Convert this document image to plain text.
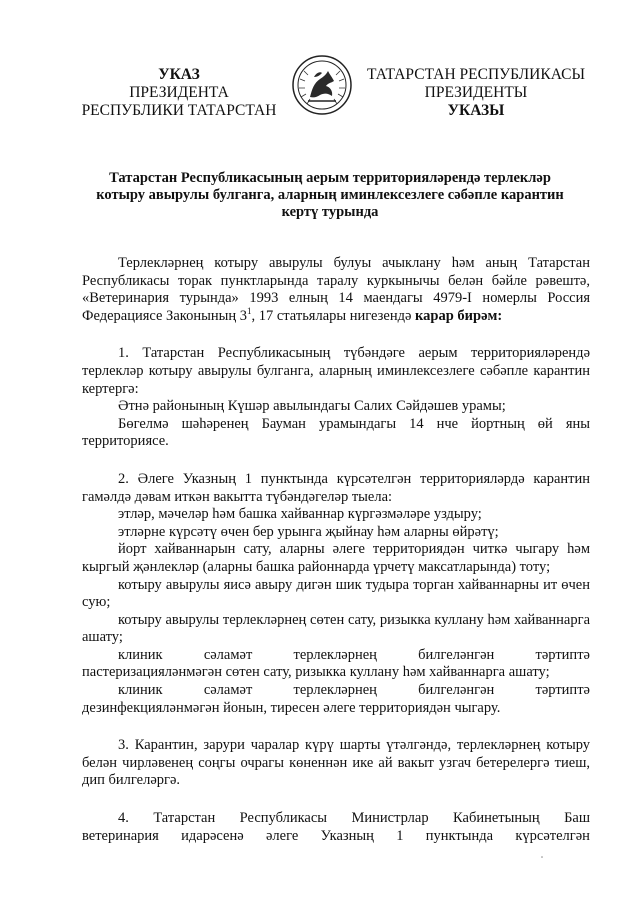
УКАЗ
ПРЕЗИДЕНТА
РЕСПУБЛИКИ ТАТАРСТАН
ТАТАРСТАН РЕСПУБЛИКАСЫ
ПРЕЗИДЕНТЫ
УКАЗЫ
Татарстан Республикасының аерым территорияләрендә терлекләр
котыру авырулы булганга, аларның иминлексезлеге сәбәпле карантин
кертү турында

Терлекләрнең котыру авырулы булуы ачыклану һәм аның Татарстан Республикасы торак пунктларында таралу куркынычы белән бәйле рәвештә, «Ветеринария турында» 1993 елның 14 маендагы 4979-I номерлы Россия Федерациясе Законының $3^1$, 17 статьялары нигезендә карар бирәм:

1. Татарстан Республикасының түбәндәге аерым территорияләрендә терлекләр котыру авырулы булганга, аларның иминлексезлеге сәбәпле карантин кертергә:

Әтнә районының Күшәр авылындагы Салих Сәйдәшев урамы;

Бөгелмә шәһәренең Бауман урамындагы 14 нче йортның өй яны территориясе.

2. Әлеге Указның 1 пунктында күрсәтелгән территорияләрдә карантин гамәлдә дәвам иткән вакытта түбәндәгеләр тыела:

этләр, мәчеләр һәм башка хайваннар күргәзмәләре уздыру;

этләрне күрсәтү өчен бер урынга җыйнау һәм аларны өйрәтү;

йорт хайваннарын сату, аларны әлеге территориядән читкә чыгару һәм кыргый җәнлекләр (аларны башка районнарда үрчетү максатларында) тоту;

котыру авырулы яисә авыру дигән шик тудыра торган хайваннарны ит өчен сую;

котыру авырулы терлекләрнең сөтен сату, ризыкка куллану һәм хайваннарга ашату;

клиник	сәламәт	терлекләрнең	билгеләнгән	тәртиптә

пастеризацияләнмәгән сөтен сату, ризыкка куллану һәм хайваннарга ашату;

клиник	сәламәт	терлекләрнең	билгеләнгән	тәртиптә

дезинфекцияләнмәгән йонын, тиресен әлеге территориядән чыгару.

3. Карантин, зарури чаралар күрү шарты үтәлгәндә, терлекләрнең котыру белән чирләвенең соңгы очрагы көненнән ике ай вакыт узгач бетерелергә тиеш, дип билгеләргә.

4. Татарстан Республикасы Министрлар Кабинетының Баш
ветеринария идарәсенә әлеге Указның 1 пунктында күрсәтелгән
